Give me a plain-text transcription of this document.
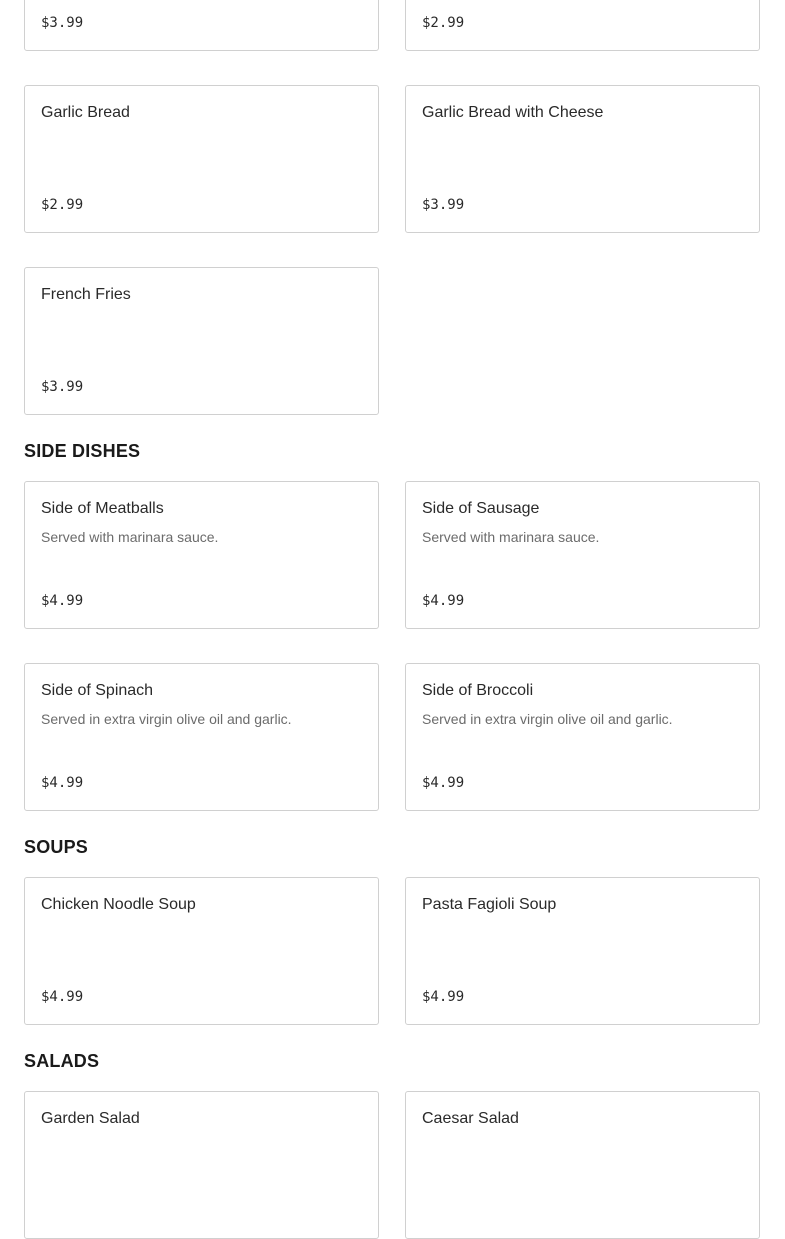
$3.99	$2.99
Garlic Bread
$2.99
Garlic Bread with Cheese
$3.99
French Fries
$3.99
SIDE DISHES
Side of Meatballs
Served with marinara sauce.
$4.99
Side of Sausage
Served with marinara sauce.
$4.99
Side of Spinach
Served in extra virgin olive oil and garlic.
$4.99
Side of Broccoli
Served in extra virgin olive oil and garlic.
$4.99
SOUPS
Chicken Noodle Soup
$4.99
Pasta Fagioli Soup
$4.99
SALADS
Garden Salad	Caesar Salad
